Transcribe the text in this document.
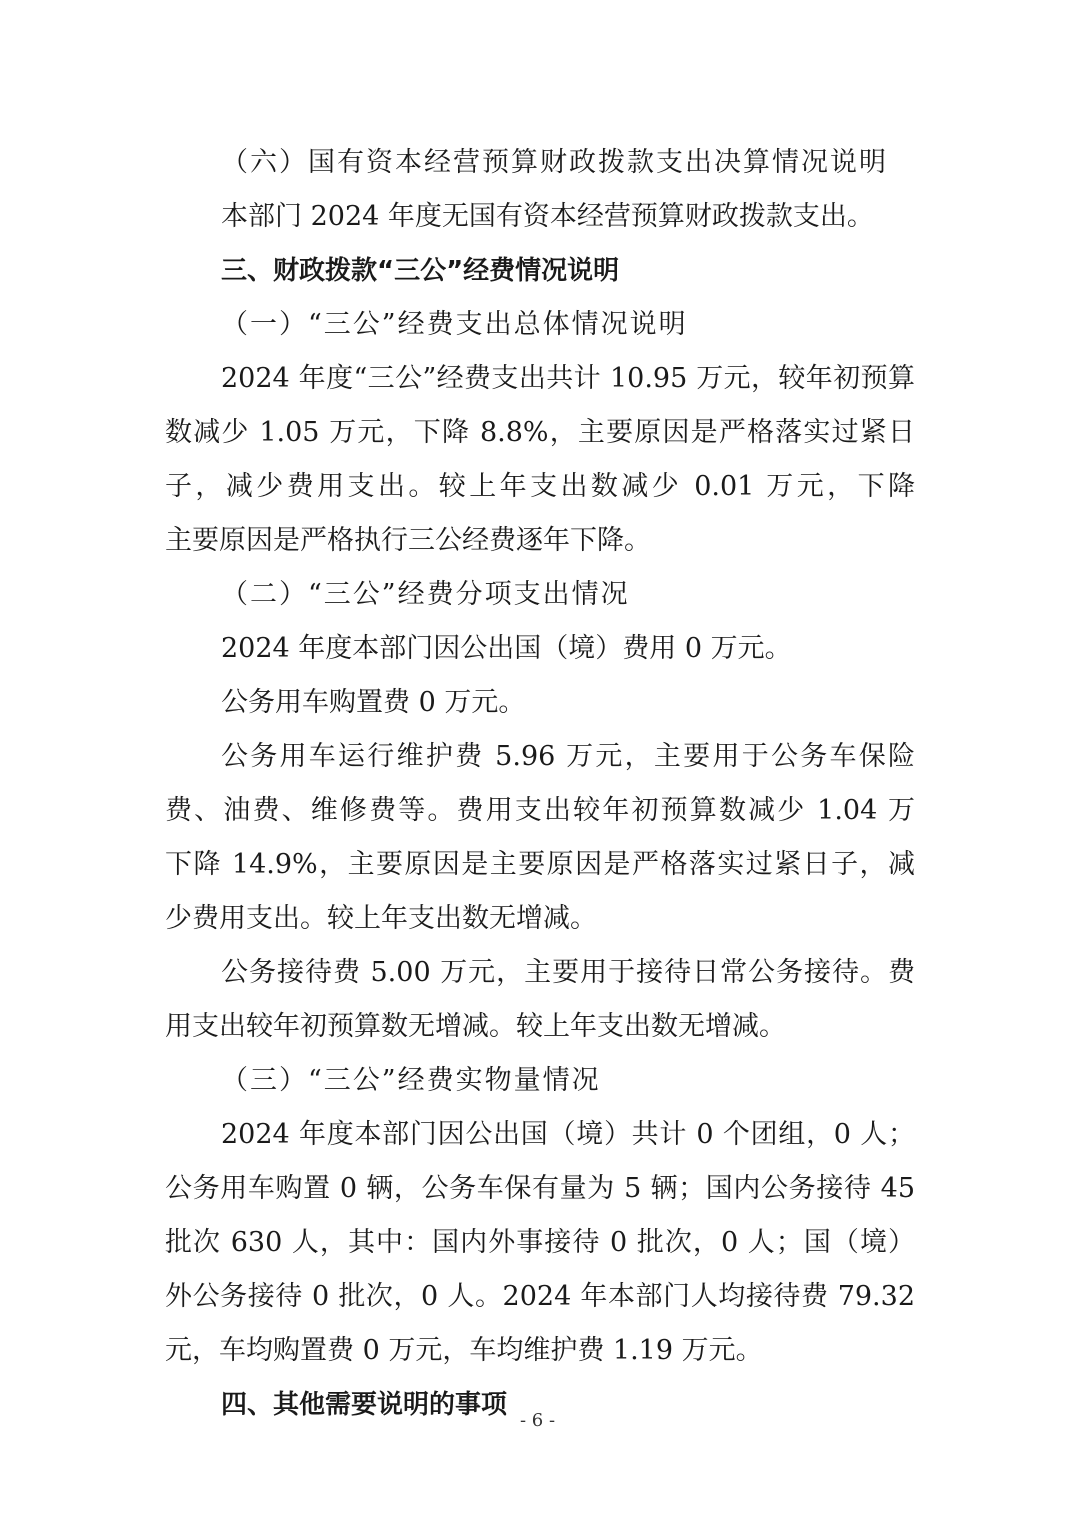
（六）国有资本经营预算财政拨款支出决算情况说明
本部门 2024 年度无国有资本经营预算财政拨款支出。
三、财政拨款“三公”经费情况说明
（一）“三公”经费支出总体情况说明
2024 年度“三公”经费支出共计 10.95 万元，较年初预算
数减少 1.05 万元，下降 8.8%，主要原因是严格落实过紧日
子，减少费用支出。较上年支出数减少 0.01 万元，下降
主要原因是严格执行三公经费逐年下降。
（二）“三公”经费分项支出情况
2024 年度本部门因公出国（境）费用 0 万元。
公务用车购置费 0 万元。
公务用车运行维护费 5.96 万元，主要用于公务车保险
费、油费、维修费等。费用支出较年初预算数减少 1.04 万
下降 14.9%，主要原因是主要原因是严格落实过紧日子，减
少费用支出。较上年支出数无增减。
公务接待费 5.00 万元，主要用于接待日常公务接待。费
用支出较年初预算数无增减。较上年支出数无增减。
（三）“三公”经费实物量情况
2024 年度本部门因公出国（境）共计 0 个团组，0 人；
公务用车购置 0 辆，公务车保有量为 5 辆；国内公务接待 45
批次 630 人，其中：国内外事接待 0 批次，0 人；国（境）
外公务接待 0 批次，0 人。2024 年本部门人均接待费 79.32
元，车均购置费 0 万元，车均维护费 1.19 万元。
四、其他需要说明的事项
- 6 -
